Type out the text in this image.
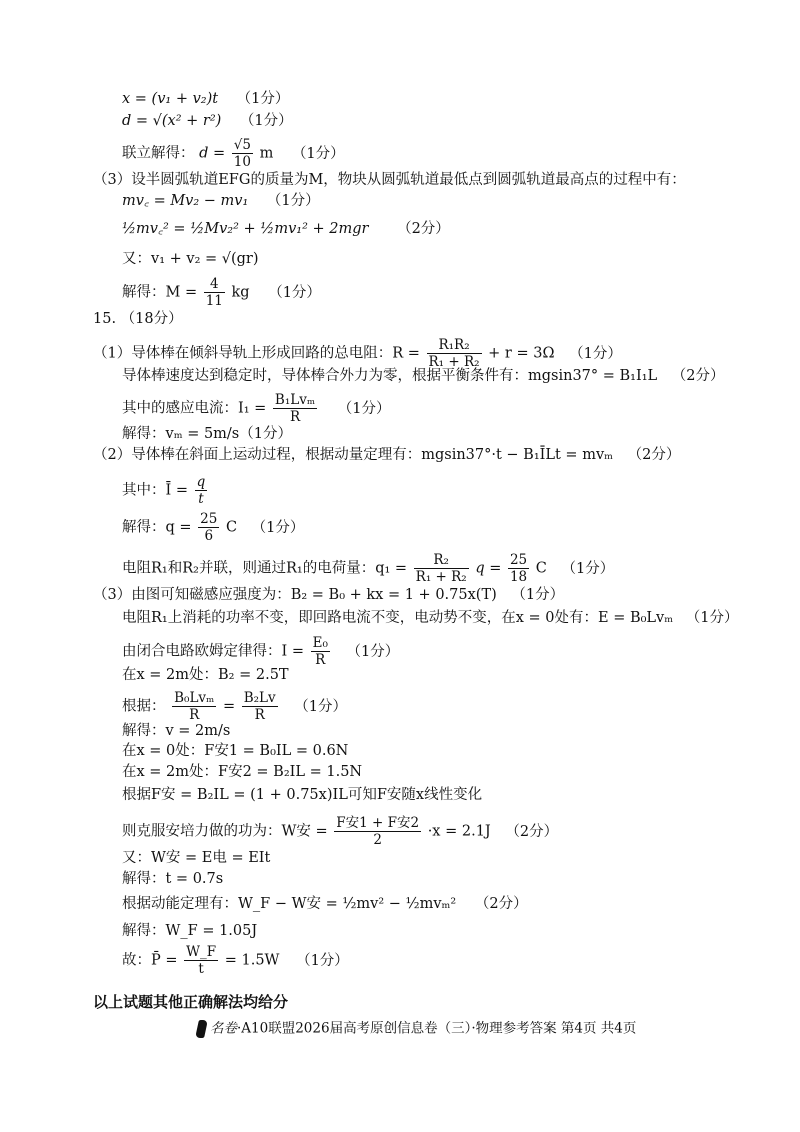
x = (v₁ + v₂)t （1分）
d = √(x² + r²) （1分）
联立解得： $d = \frac{√5}{10}$ m （1分）
（3）设半圆弧轨道EFG的质量为M，物块从圆弧轨道最低点到圆弧轨道最高点的过程中有：
mv꜀ = Mv₂ − mv₁ （1分）
½mv꜀² = ½Mv₂² + ½mv₁² + 2mgr （2分）
又：v₁ + v₂ = √(gr)
解得：$M = \frac{4}{11}$ kg （1分）
15. （18分）
（1）导体棒在倾斜导轨上形成回路的总电阻：$R = \frac{\text{R₁R₂}}{\text{R₁ + R₂}} + r = 3\Omega$ （1分）
导体棒速度达到稳定时，导体棒合外力为零，根据平衡条件有：mgsin37° = B₁I₁L （2分）
其中的感应电流：$I_1 = \frac{\text{B₁Lvₘ}}{R} (1$分）
解得：vₘ = 5m/s（1分）
（2）导体棒在斜面上运动过程，根据动量定理有：mgsin37°·t − B₁ĪLt = mvₘ （2分）
其中：Ī = $\frac{q}{t}$
解得：$q = \frac{25}{6}$ C （1分）
电阻R₁和R₂并联，则通过R₁的电荷量：$q_1 = \frac{\text{R₂}}{\text{R₁ + R₂}}$ $q = \frac{25}{18}$ C （1分）
（3）由图可知磁感应强度为：B₂ = B₀ + kx = 1 + 0.75x(T) （1分）
电阻R₁上消耗的功率不变，即回路电流不变，电动势不变，在x = 0处有：E = B₀Lvₘ （1分）
由闭合电路欧姆定律得：$I = \frac{\text{E₀}}{R} (1$分）
在x = 2m处：B₂ = 2.5T
根据： $\frac{\text{B₀Lvₘ}}{R} = \frac{\text{B₂Lv}}{R} (1$分）
解得：v = 2m/s
在x = 0处：F安1 = B₀IL = 0.6N
在x = 2m处：F安2 = B₂IL = 1.5N
根据F安 = B₂IL = (1 + 0.75x)IL可知F安随x线性变化
则克服安培力做的功为：W安 = $\frac{\text{F安1 + F安2}}{2} \cdot x = 2.1J$ （2分）
又：W安 = E电 = EIt
解得：t = 0.7s
根据动能定理有：W_F − W安 = ½mv² − ½mvₘ² （2分）
解得：W_F = 1.05J
故：P̄ = $\frac{W\_F}{t} = 1.5W$ （1分）
以上试题其他正确解法均给分
名卷·A10联盟2026届高考原创信息卷（三）·物理参考答案 第4页 共4页
